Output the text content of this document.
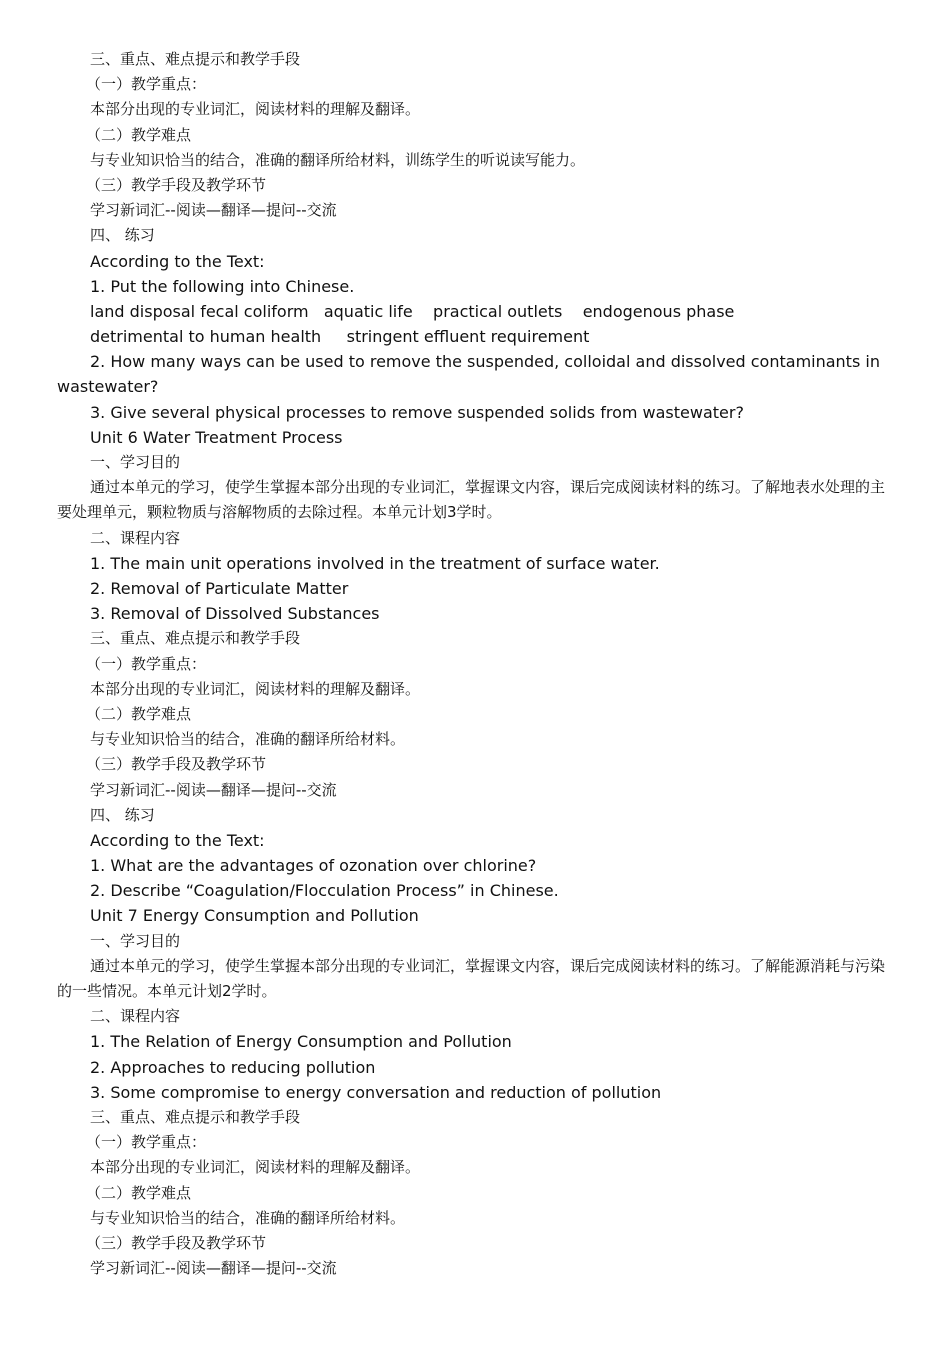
三、重点、难点提示和教学手段
（一）教学重点：
本部分出现的专业词汇，阅读材料的理解及翻译。
（二）教学难点
与专业知识恰当的结合，准确的翻译所给材料，训练学生的听说读写能力。
（三）教学手段及教学环节
学习新词汇--阅读—翻译—提问--交流
四、 练习
According to the Text:
1. Put the following into Chinese.
land disposal fecal coliform   aquatic life    practical outlets    endogenous phase
detrimental to human health     stringent effluent requirement
2. How many ways can be used to remove the suspended, colloidal and dissolved contaminants in wastewater?
3. Give several physical processes to remove suspended solids from wastewater?
Unit 6 Water Treatment Process
一、学习目的
通过本单元的学习，使学生掌握本部分出现的专业词汇，掌握课文内容，课后完成阅读材料的练习。了解地表水处理的主要处理单元，颗粒物质与溶解物质的去除过程。本单元计划3学时。
二、课程内容
1. The main unit operations involved in the treatment of surface water.
2. Removal of Particulate Matter
3. Removal of Dissolved Substances
三、重点、难点提示和教学手段
（一）教学重点：
本部分出现的专业词汇，阅读材料的理解及翻译。
（二）教学难点
与专业知识恰当的结合，准确的翻译所给材料。
（三）教学手段及教学环节
学习新词汇--阅读—翻译—提问--交流
四、 练习
According to the Text:
1. What are the advantages of ozonation over chlorine?
2. Describe “Coagulation/Flocculation Process” in Chinese.
Unit 7 Energy Consumption and Pollution
一、学习目的
通过本单元的学习，使学生掌握本部分出现的专业词汇，掌握课文内容，课后完成阅读材料的练习。了解能源消耗与污染的一些情况。本单元计划2学时。
二、课程内容
1. The Relation of Energy Consumption and Pollution
2. Approaches to reducing pollution
3. Some compromise to energy conversation and reduction of pollution
三、重点、难点提示和教学手段
（一）教学重点：
本部分出现的专业词汇，阅读材料的理解及翻译。
（二）教学难点
与专业知识恰当的结合，准确的翻译所给材料。
（三）教学手段及教学环节
学习新词汇--阅读—翻译—提问--交流
